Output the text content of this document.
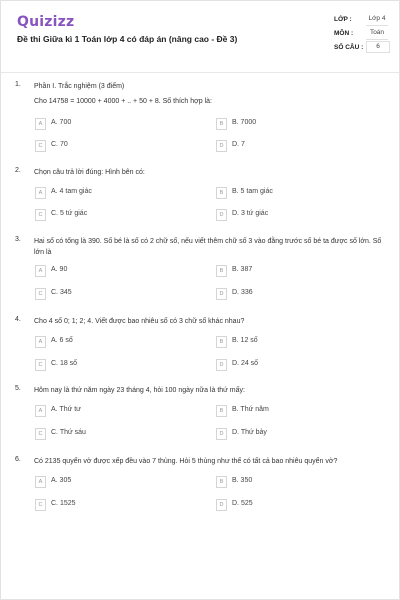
Quizizz
Đề thi Giữa kì 1 Toán lớp 4 có đáp án (nâng cao - Đề 3)
LỚP :	Lớp 4
MÔN :	Toán
SỐ CÂU :	6
1. Phần I. Trắc nghiệm (3 điểm)
Cho 14758 = 10000 + 4000 + .. + 50 + 8. Số thích hợp là:
A	A. 700	B	B. 7000
C	C. 70	D	D. 7
2. Chọn câu trả lời đúng: Hình bên có:
A	A. 4 tam giác	B	B. 5 tam giác
C	C. 5 tứ giác	D	D. 3 tứ giác
3. Hai số có tổng là 390. Số bé là số có 2 chữ số, nếu viết thêm chữ số 3 vào đằng trước số bé ta được số lớn. Số lớn là
A	A. 90	B	B. 387
C	C. 345	D	D. 336
4. Cho 4 số 0; 1; 2; 4. Viết được bao nhiêu số có 3 chữ số khác nhau?
A	A. 6 số	B	B. 12 số
C	C. 18 số	D	D. 24 số
5. Hôm nay là thứ năm ngày 23 tháng 4, hỏi 100 ngày nữa là thứ mấy:
A	A. Thứ tư	B	B. Thứ năm
C	C. Thứ sáu	D	D. Thứ bảy
6. Có 2135 quyển vở được xếp đều vào 7 thùng. Hỏi 5 thùng như thế có tất cả bao nhiêu quyển vở?
A	A. 305	B	B. 350
C	C. 1525	D	D. 525
